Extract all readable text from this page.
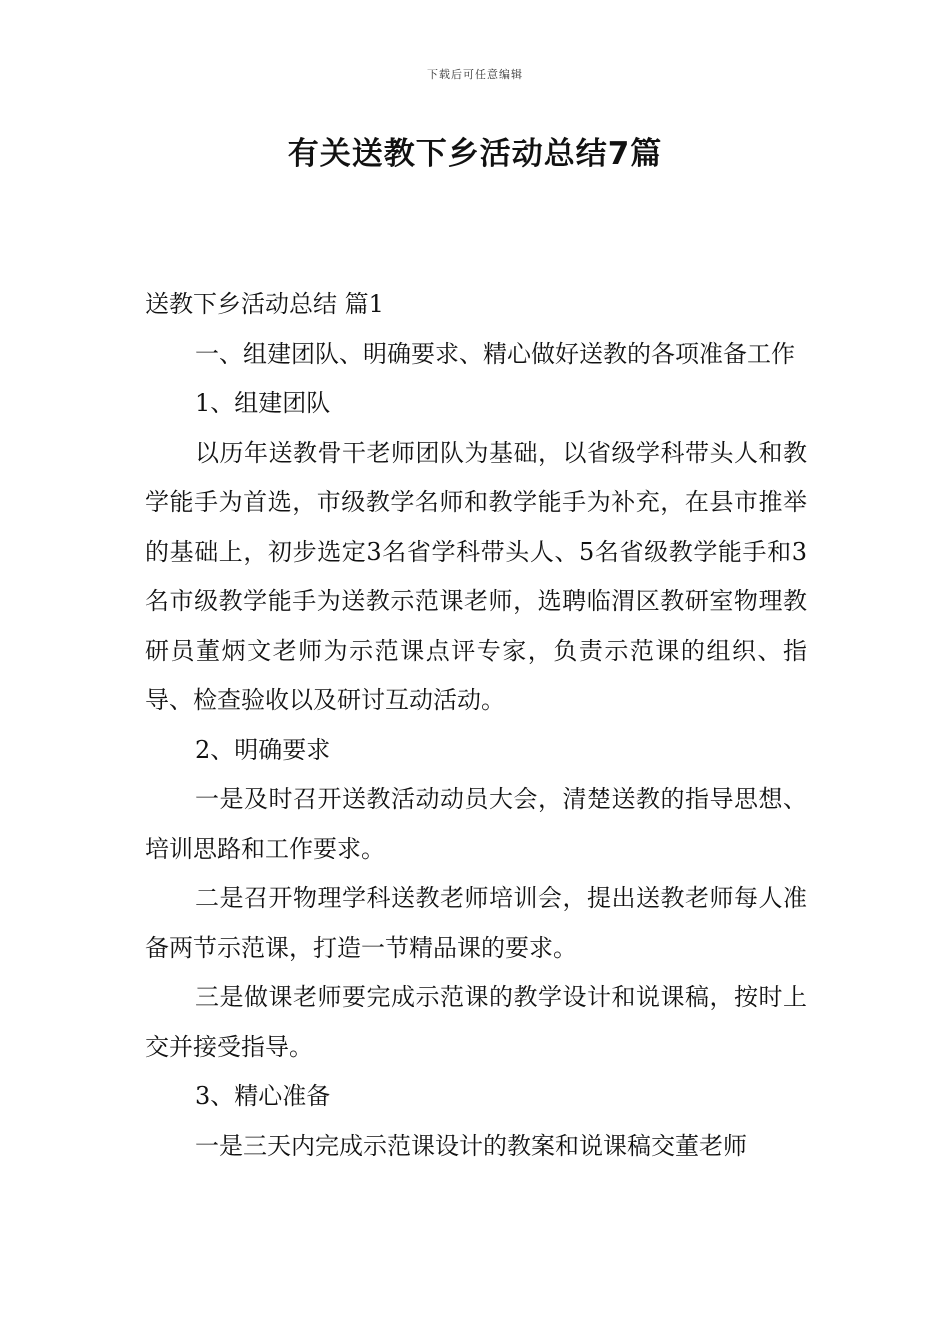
下载后可任意编辑
有关送教下乡活动总结7篇

送教下乡活动总结 篇1

一、组建团队、明确要求、精心做好送教的各项准备工作

1、组建团队

以历年送教骨干老师团队为基础，以省级学科带头人和教学能手为首选，市级教学名师和教学能手为补充，在县市推举的基础上，初步选定3名省学科带头人、5名省级教学能手和3名市级教学能手为送教示范课老师，选聘临渭区教研室物理教研员董炳文老师为示范课点评专家，负责示范课的组织、指导、检查验收以及研讨互动活动。

2、明确要求

一是及时召开送教活动动员大会，清楚送教的指导思想、培训思路和工作要求。

二是召开物理学科送教老师培训会，提出送教老师每人准备两节示范课，打造一节精品课的要求。

三是做课老师要完成示范课的教学设计和说课稿，按时上交并接受指导。

3、精心准备

一是三天内完成示范课设计的教案和说课稿交董老师
